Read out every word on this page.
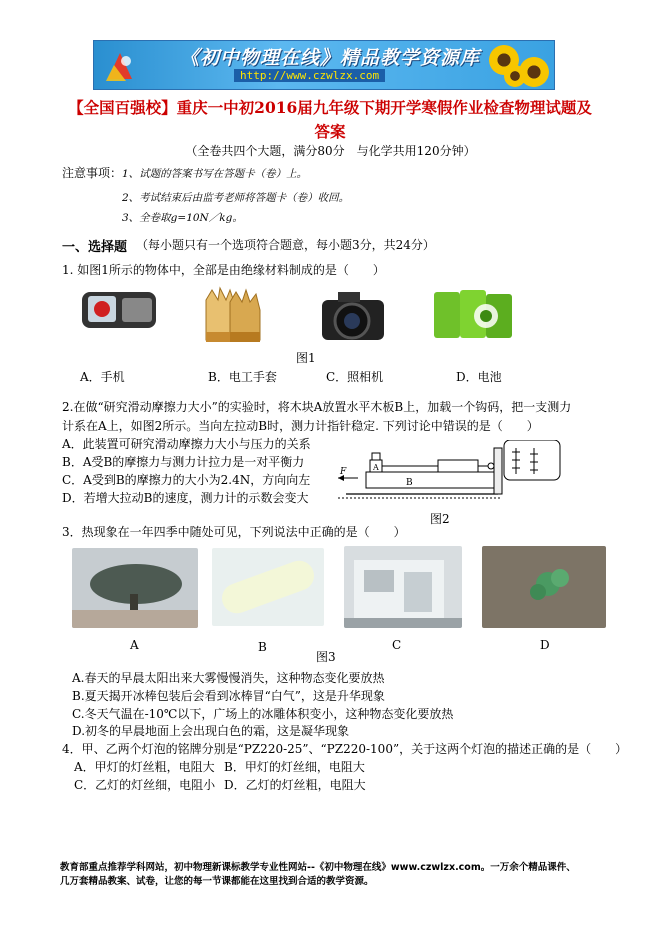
《初中物理在线》精品教学资源库
http://www.czwlzx.com
【全国百强校】重庆一中初2016届九年级下期开学寒假作业检查物理试题及
答案
（全卷共四个大题，满分80分　与化学共用120分钟）
注意事项： 1、试题的答案书写在答题卡（卷）上。
2、考试结束后由监考老师将答题卡（卷）收回。
3、全卷取g=10N／kg。
一、选择题 （每小题只有一个选项符合题意，每小题3分，共24分）
1. 如图1所示的物体中，全部是由绝缘材料制成的是（　　）
图1
A．手机	B．电工手套	C．照相机	D．电池
2.在做“研究滑动摩擦力大小”的实验时，将木块A放置水平木板B上，加载一个钩码，把一支测力
计系在A上，如图2所示。当向左拉动B时，测力计指针稳定. 下列讨论中错误的是（　　）
A．此装置可研究滑动摩擦力大小与压力的关系
B．A受B的摩擦力与测力计拉力是一对平衡力
C．A受到B的摩擦力的大小为2.4N，方向向左
D．若增大拉动B的速度，测力计的示数会变大
F	A
B
图2
3．热现象在一年四季中随处可见，下列说法中正确的是（　　）
A	B	C	D
图3
A.春天的早晨太阳出来大雾慢慢消失，这种物态变化要放热
B.夏天揭开冰棒包装后会看到冰棒冒“白气”，这是升华现象
C.冬天气温在-10℃以下，广场上的冰雕体积变小，这种物态变化要放热
D.初冬的早晨地面上会出现白色的霜，这是凝华现象
4．甲、乙两个灯泡的铭牌分别是“PZ220-25”、“PZ220-100”，关于这两个灯泡的描述正确的是（　　）
A．甲灯的灯丝粗，电阻大 B．甲灯的灯丝细，电阻大
C．乙灯的灯丝细，电阻小 D．乙灯的灯丝粗，电阻大
教育部重点推荐学科网站，初中物理新课标教学专业性网站--《初中物理在线》www.czwlzx.com。一万余个精品课件、
几万套精品教案、试卷，让您的每一节课都能在这里找到合适的教学资源。
